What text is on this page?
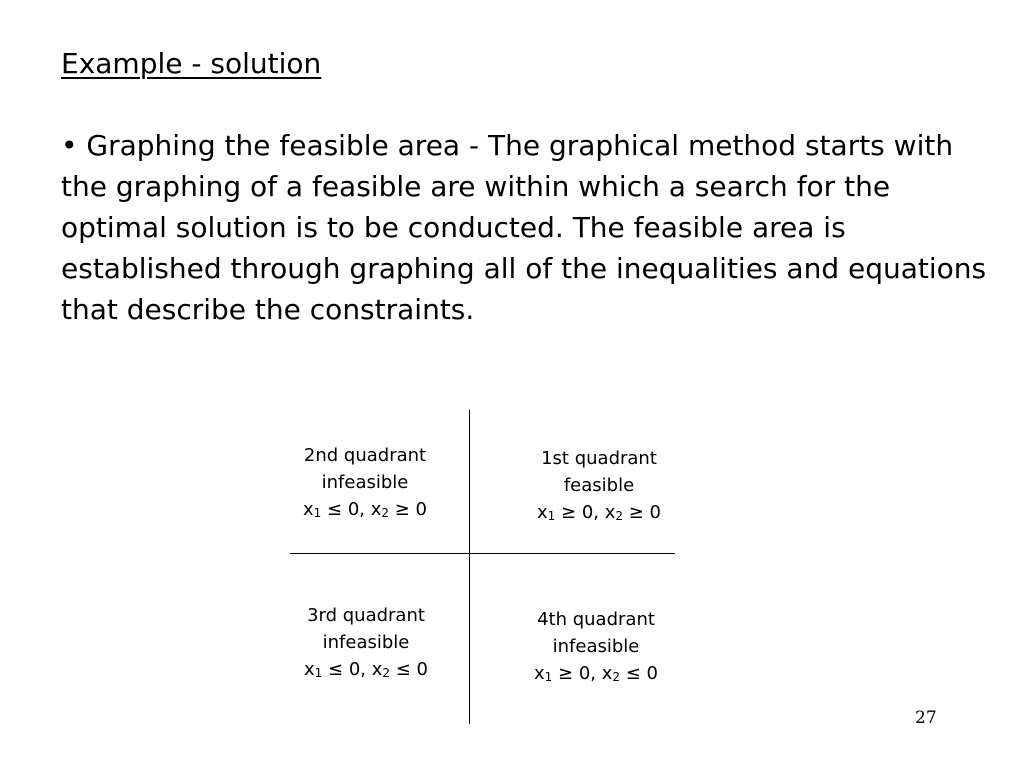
Example - solution

• Graphing the feasible area - The graphical method starts with the graphing of a feasible are within which a search for the optimal solution is to be conducted. The feasible area is established through graphing all of the inequalities and equations that describe the constraints.

2nd quadrant
infeasible
$x_1 \le 0$, $x_2 \ge 0$
1st quadrant
feasible
$x_1 \ge 0$, $x_2 \ge 0$
3rd quadrant
infeasible
$x_1 \le 0$, $x_2 \le 0$
4th quadrant
infeasible
$x_1 \ge 0$, $x_2 \le 0$
27
